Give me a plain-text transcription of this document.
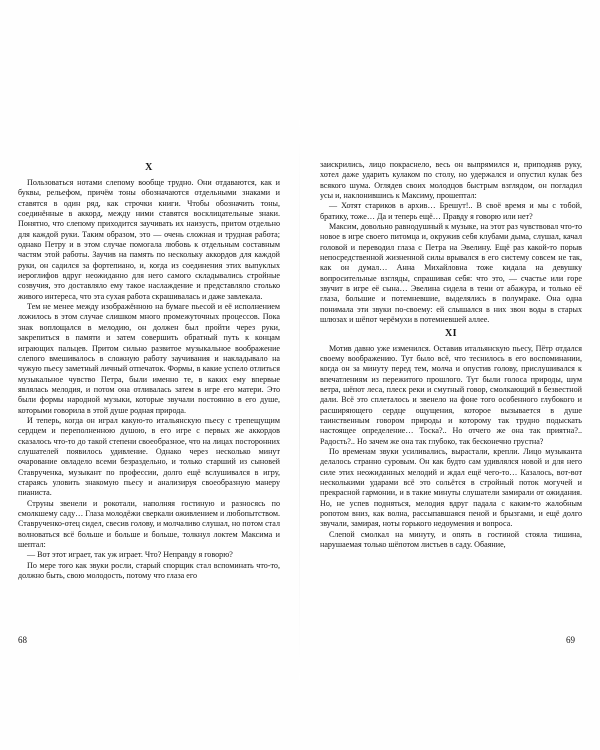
X

Пользоваться нотами слепому вообще трудно. Они отдаваются, как и буквы, рельефом, причём тоны обозначаются отдельными знаками и ставятся в один ряд, как строчки книги. Чтобы обозначить тоны, соединённые в аккорд, между ними ставятся восклицательные знаки. Понятно, что слепому приходится заучивать их наизусть, притом отдельно для каждой руки. Таким образом, это — очень сложная и трудная работа; однако Петру и в этом случае помогала любовь к отдельным составным частям этой работы. Заучив на память по нескольку аккордов для каждой руки, он садился за фортепиано, и, когда из соединения этих выпуклых иероглифов вдруг неожиданно для него самого складывались стройные созвучия, это доставляло ему такое наслаждение и представляло столько живого интереса, что эта сухая работа скрашивалась и даже завлекала.

Тем не менее между изображённою на бумаге пьесой и её исполнением ложилось в этом случае слишком много промежуточных процессов. Пока знак воплощался в мелодию, он должен был пройти через руки, закрепиться в памяти и затем совершить обратный путь к концам играющих пальцев. Притом сильно развитое музыкальное воображение слепого вмешивалось в сложную работу заучивания и накладывало на чужую пьесу заметный личный отпечаток. Формы, в какие успело отлиться музыкальное чувство Петра, были именно те, в каких ему впервые являлась мелодия, и потом она отливалась затем в игре его матери. Это были формы народной музыки, которые звучали постоянно в его душе, которыми говорила в этой душе родная природа.

И теперь, когда он играл какую-то итальянскую пьесу с трепещущим сердцем и переполненною душою, в его игре с первых же аккордов сказалось что-то до такой степени своеобразное, что на лицах посторонних слушателей появилось удивление. Однако через несколько минут очарование овладело всеми безраздельно, и только старший из сыновей Ставрученка, музыкант по профессии, долго ещё вслушивался в игру, стараясь уловить знакомую пьесу и анализируя своеобразную манеру пианиста.

Струны звенели и рокотали, наполняя гостиную и разносясь по смолкшему саду… Глаза молодёжи сверкали оживлением и любопытством. Ставрученко-отец сидел, свесив голову, и молчаливо слушал, но потом стал волноваться всё больше и больше и больше, толкнул локтем Максима и шептал:

— Вот этот играет, так уж играет. Что? Неправду я говорю?

По мере того как звуки росли, старый спорщик стал вспоминать что-то, должно быть, свою молодость, потому что глаза его

заискрились, лицо покраснело, весь он выпрямился и, приподняв руку, хотел даже ударить кулаком по столу, но удержался и опустил кулак без всякого шума. Оглядев своих молодцов быстрым взглядом, он погладил усы и, наклонившись к Максиму, прошептал:

— Хотят стариков в архив… Брешут!.. В своё время и мы с тобой, братику, тоже… Да и теперь ещё… Правду я говорю или нет?

Максим, довольно равнодушный к музыке, на этот раз чувствовал что-то новое в игре своего питомца и, окружив себя клубами дыма, слушал, качал головой и переводил глаза с Петра на Эвелину. Ещё раз какой-то порыв непосредственной жизненной силы врывался в его систему совсем не так, как он думал… Анна Михайловна тоже кидала на девушку вопросительные взгляды, спрашивая себя: что это, — счастье или горе звучит в игре её сына… Эвелина сидела в тени от абажура, и только её глаза, большие и потемневшие, выделялись в полумраке. Она одна понимала эти звуки по-своему: ей слышался в них звон воды в старых шлюзах и шёпот черёмухи в потемневшей аллее.

XI

Мотив давно уже изменился. Оставив итальянскую пьесу, Пётр отдался своему воображению. Тут было всё, что теснилось в его воспоминании, когда он за минуту перед тем, молча и опустив голову, прислушивался к впечатлениям из пережитого прошлого. Тут были голоса природы, шум ветра, шёпот леса, плеск реки и смутный говор, смолкающий в безвестной дали. Всё это сплеталось и звенело на фоне того особенного глубокого и расширяющего сердце ощущения, которое вызывается в душе таинственным говором природы и которому так трудно подыскать настоящее определение… Тоска?.. Но отчего же она так приятна?.. Радость?.. Но зачем же она так глубоко, так бесконечно грустна?

По временам звуки усиливались, вырастали, крепли. Лицо музыканта делалось странно суровым. Он как будто сам удивлялся новой и для него силе этих неожиданных мелодий и ждал ещё чего-то… Казалось, вот-вот несколькими ударами всё это сольётся в стройный поток могучей и прекрасной гармонии, и в такие минуты слушатели замирали от ожидания. Но, не успев подняться, мелодия вдруг падала с каким-то жалобным ропотом вниз, как волна, рассыпавшаяся пеной и брызгами, и ещё долго звучали, замирая, ноты горького недоумения и вопроса.

Слепой смолкал на минуту, и опять в гостиной стояла тишина, нарушаемая только шёпотом листьев в саду. Обаяние,

68	69
